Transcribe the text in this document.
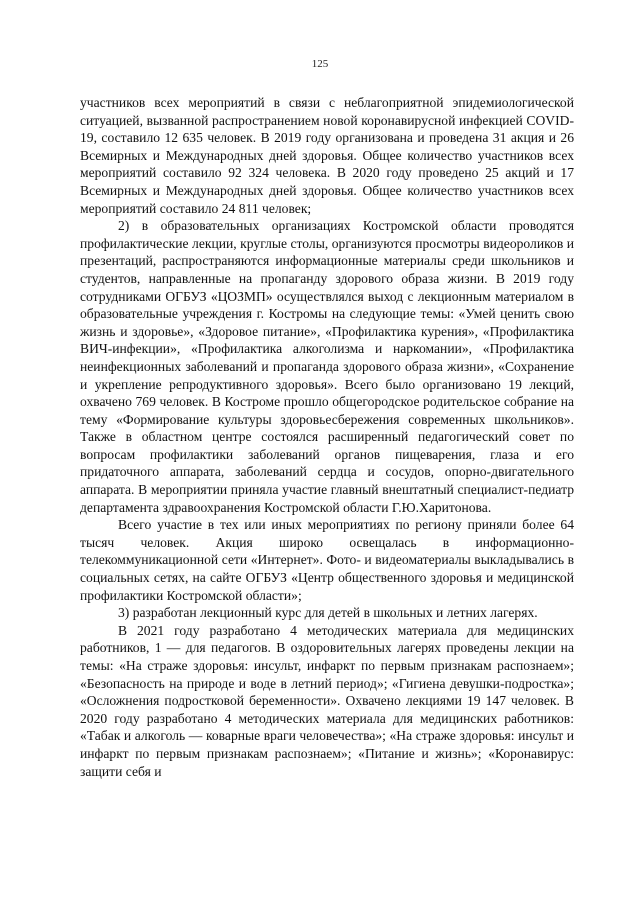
125

участников всех мероприятий в связи с неблагоприятной эпидемиологической ситуацией, вызванной распространением новой коронавирусной инфекцией COVID-19, составило 12 635 человек. В 2019 году организована и проведена 31 акция и 26 Всемирных и Международных дней здоровья. Общее количество участников всех мероприятий составило 92 324 человека. В 2020 году проведено 25 акций и 17 Всемирных и Международных дней здоровья. Общее количество участников всех мероприятий составило 24 811 человек;

2) в образовательных организациях Костромской области проводятся профилактические лекции, круглые столы, организуются просмотры видеороликов и презентаций, распространяются информационные материалы среди школьников и студентов, направленные на пропаганду здорового образа жизни. В 2019 году сотрудниками ОГБУЗ «ЦОЗМП» осуществлялся выход с лекционным материалом в образовательные учреждения г. Костромы на следующие темы: «Умей ценить свою жизнь и здоровье», «Здоровое питание», «Профилактика курения», «Профилактика ВИЧ-инфекции», «Профилактика алкоголизма и наркомании», «Профилактика неинфекционных заболеваний и пропаганда здорового образа жизни», «Сохранение и укрепление репродуктивного здоровья». Всего было организовано 19 лекций, охвачено 769 человек. В Костроме прошло общегородское родительское собрание на тему «Формирование культуры здоровьесбережения современных школьников». Также в областном центре состоялся расширенный педагогический совет по вопросам профилактики заболеваний органов пищеварения, глаза и его придаточного аппарата, заболеваний сердца и сосудов, опорно-двигательного аппарата. В мероприятии приняла участие главный внештатный специалист-педиатр департамента здравоохранения Костромской области Г.Ю.Харитонова.

Всего участие в тех или иных мероприятиях по региону приняли более 64 тысяч человек. Акция широко освещалась в информационно-телекоммуникационной сети «Интернет». Фото- и видеоматериалы выкладывались в социальных сетях, на сайте ОГБУЗ «Центр общественного здоровья и медицинской профилактики Костромской области»;

3) разработан лекционный курс для детей в школьных и летних лагерях.

В 2021 году разработано 4 методических материала для медицинских работников, 1 — для педагогов. В оздоровительных лагерях проведены лекции на темы: «На страже здоровья: инсульт, инфаркт по первым признакам распознаем»; «Безопасность на природе и воде в летний период»; «Гигиена девушки-подростка»; «Осложнения подростковой беременности». Охвачено лекциями 19 147 человек. В 2020 году разработано 4 методических материала для медицинских работников: «Табак и алкоголь — коварные враги человечества»; «На страже здоровья: инсульт и инфаркт по первым признакам распознаем»; «Питание и жизнь»; «Коронавирус: защити себя и
